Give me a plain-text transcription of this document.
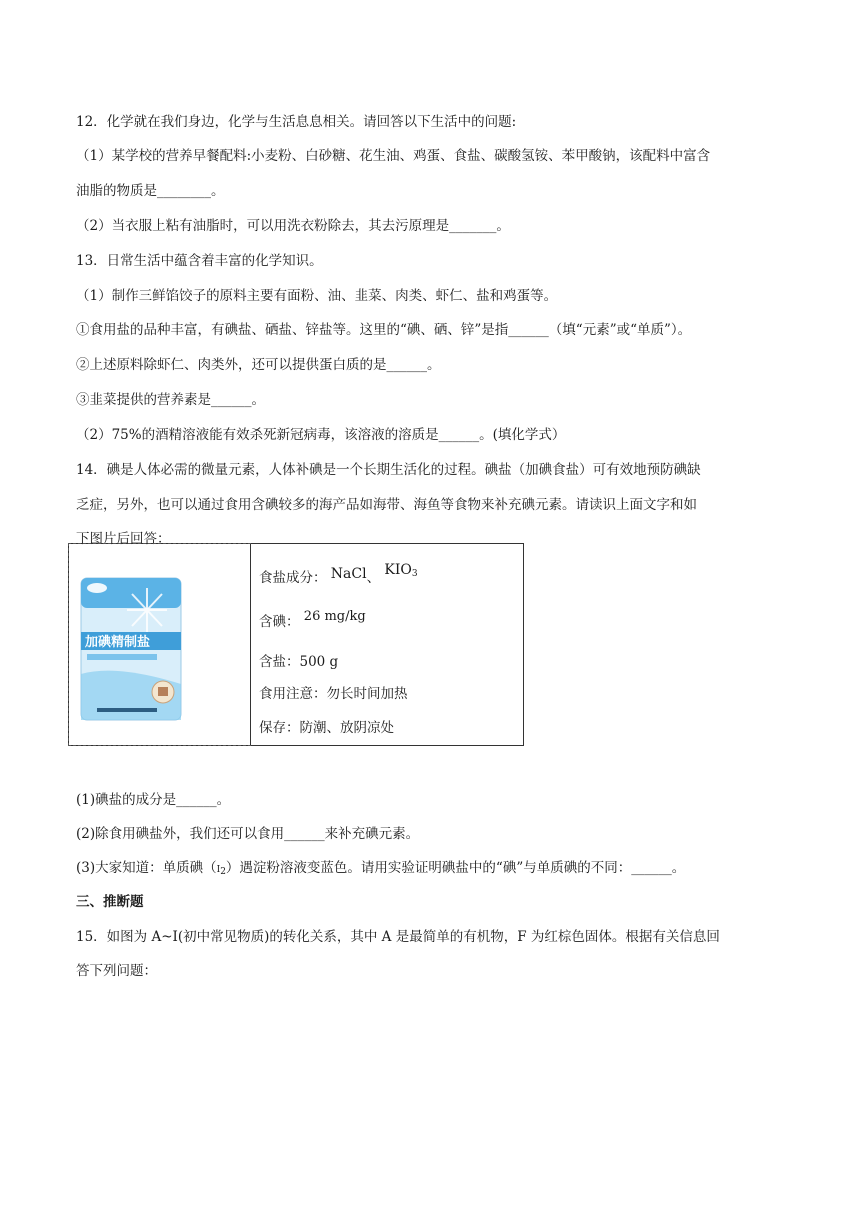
12．化学就在我们身边，化学与生活息息相关。请回答以下生活中的问题:
（1）某学校的营养早餐配料:小麦粉、白砂糖、花生油、鸡蛋、食盐、碳酸氢铵、苯甲酸钠，该配料中富含
油脂的物质是________。
（2）当衣服上粘有油脂时，可以用洗衣粉除去，其去污原理是_______。
13．日常生活中蕴含着丰富的化学知识。
（1）制作三鲜馅饺子的原料主要有面粉、油、韭菜、肉类、虾仁、盐和鸡蛋等。
①食用盐的品种丰富，有碘盐、硒盐、锌盐等。这里的“碘、硒、锌”是指______（填“元素”或“单质”）。
②上述原料除虾仁、肉类外，还可以提供蛋白质的是______。
③韭菜提供的营养素是______。
（2）75%的酒精溶液能有效杀死新冠病毒，该溶液的溶质是______。(填化学式）
14．碘是人体必需的微量元素，人体补碘是一个长期生活化的过程。碘盐（加碘食盐）可有效地预防碘缺
乏症，另外，也可以通过食用含碘较多的海产品如海带、海鱼等食物来补充碘元素。请读识上面文字和如
下图片后回答：
加碘精制盐
食盐成分： NaCl、 $KIO_3$
含碘： 26 mg/kg
含盐：500 g
食用注意：勿长时间加热
保存：防潮、放阴凉处
(1)碘盐的成分是______。
(2)除食用碘盐外，我们还可以食用______来补充碘元素。
(3)大家知道：单质碘（I2）遇淀粉溶液变蓝色。请用实验证明碘盐中的“碘”与单质碘的不同：______。
三、推断题
15．如图为 A~I(初中常见物质)的转化关系，其中 A 是最简单的有机物，F 为红棕色固体。根据有关信息回
答下列问题：
